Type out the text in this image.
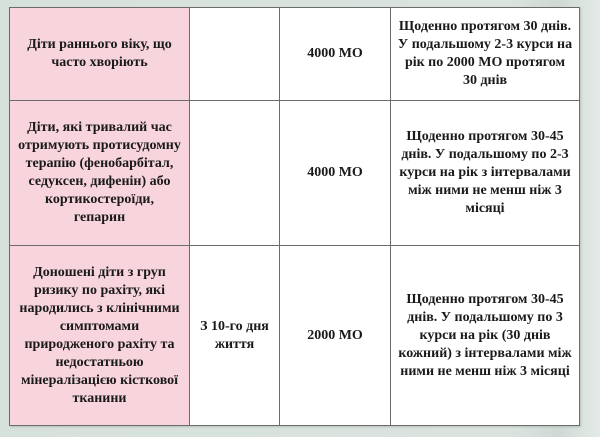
Діти раннього віку, що часто хворіють		4000 МО	Щоденно протягом 30 днів. У подальшому 2-3 курси на рік по 2000 МО протягом 30 днів
Діти, які тривалий час отримують протисудомну терапію (фенобарбітал, седуксен, дифенін) або кортикостероїди, гепарин		4000 МО	Щоденно протягом 30-45 днів. У подальшому по 2-3 курси на рік з інтервалами між ними не менш ніж 3 місяці
Доношені діти з груп ризику по рахіту, які народились з клінічними симптомами природженого рахіту та недостатньою мінералізацією кісткової тканини	З 10-го дня життя	2000 МО	Щоденно протягом 30-45 днів. У подальшому по 3 курси на рік (30 днів кожний) з інтервалами між ними не менш ніж 3 місяці
